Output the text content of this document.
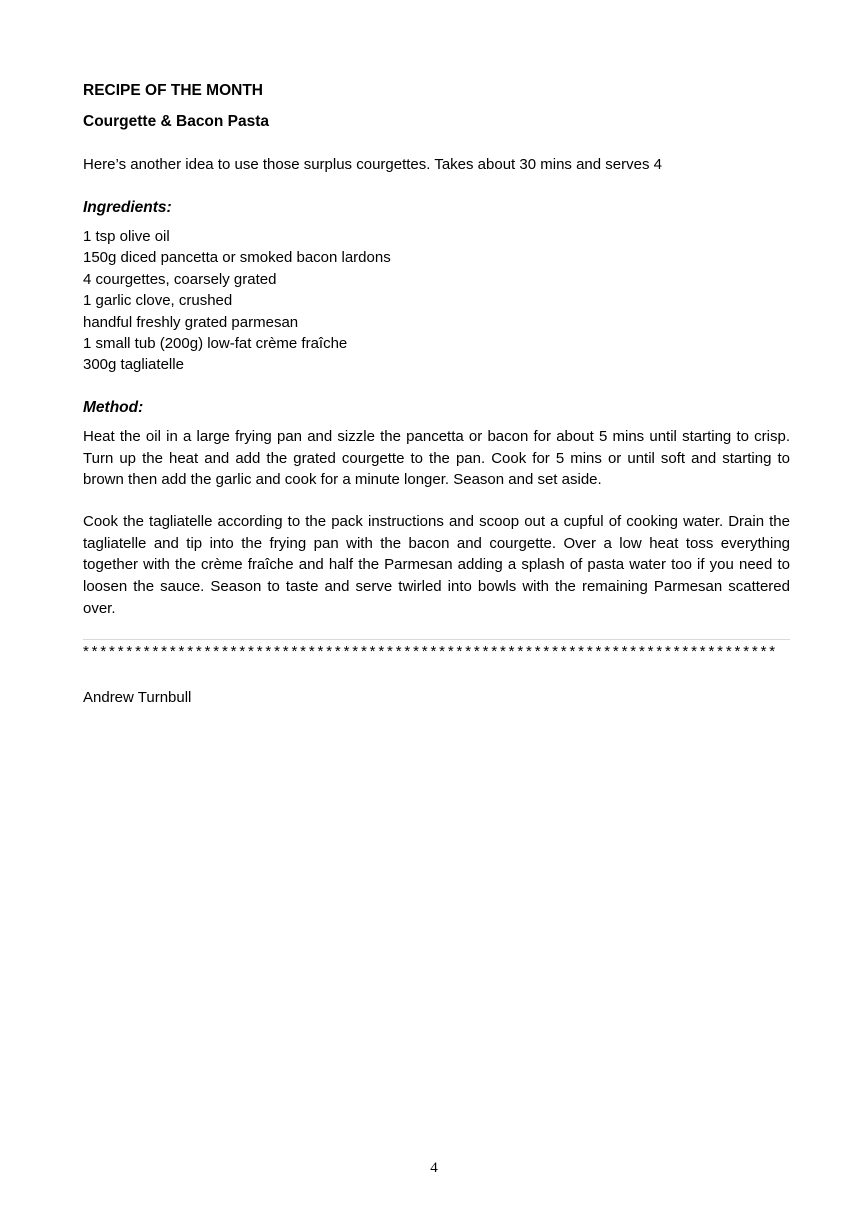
RECIPE OF THE MONTH
Courgette & Bacon Pasta

Here’s another idea to use those surplus courgettes. Takes about 30 mins and serves 4

Ingredients:
1 tsp olive oil
150g diced pancetta or smoked bacon lardons
4 courgettes, coarsely grated
1 garlic clove, crushed
handful freshly grated parmesan
1 small tub (200g) low-fat crème fraîche
300g tagliatelle
Method:

Heat the oil in a large frying pan and sizzle the pancetta or bacon for about 5 mins until starting to crisp. Turn up the heat and add the grated courgette to the pan. Cook for 5 mins or until soft and starting to brown then add the garlic and cook for a minute longer. Season and set aside.

Cook the tagliatelle according to the pack instructions and scoop out a cupful of cooking water. Drain the tagliatelle and tip into the frying pan with the bacon and courgette. Over a low heat toss everything together with the crème fraîche and half the Parmesan adding a splash of pasta water too if you need to loosen the sauce. Season to taste and serve twirled into bowls with the remaining Parmesan scattered over.

********************************************************************************
Andrew Turnbull
4
